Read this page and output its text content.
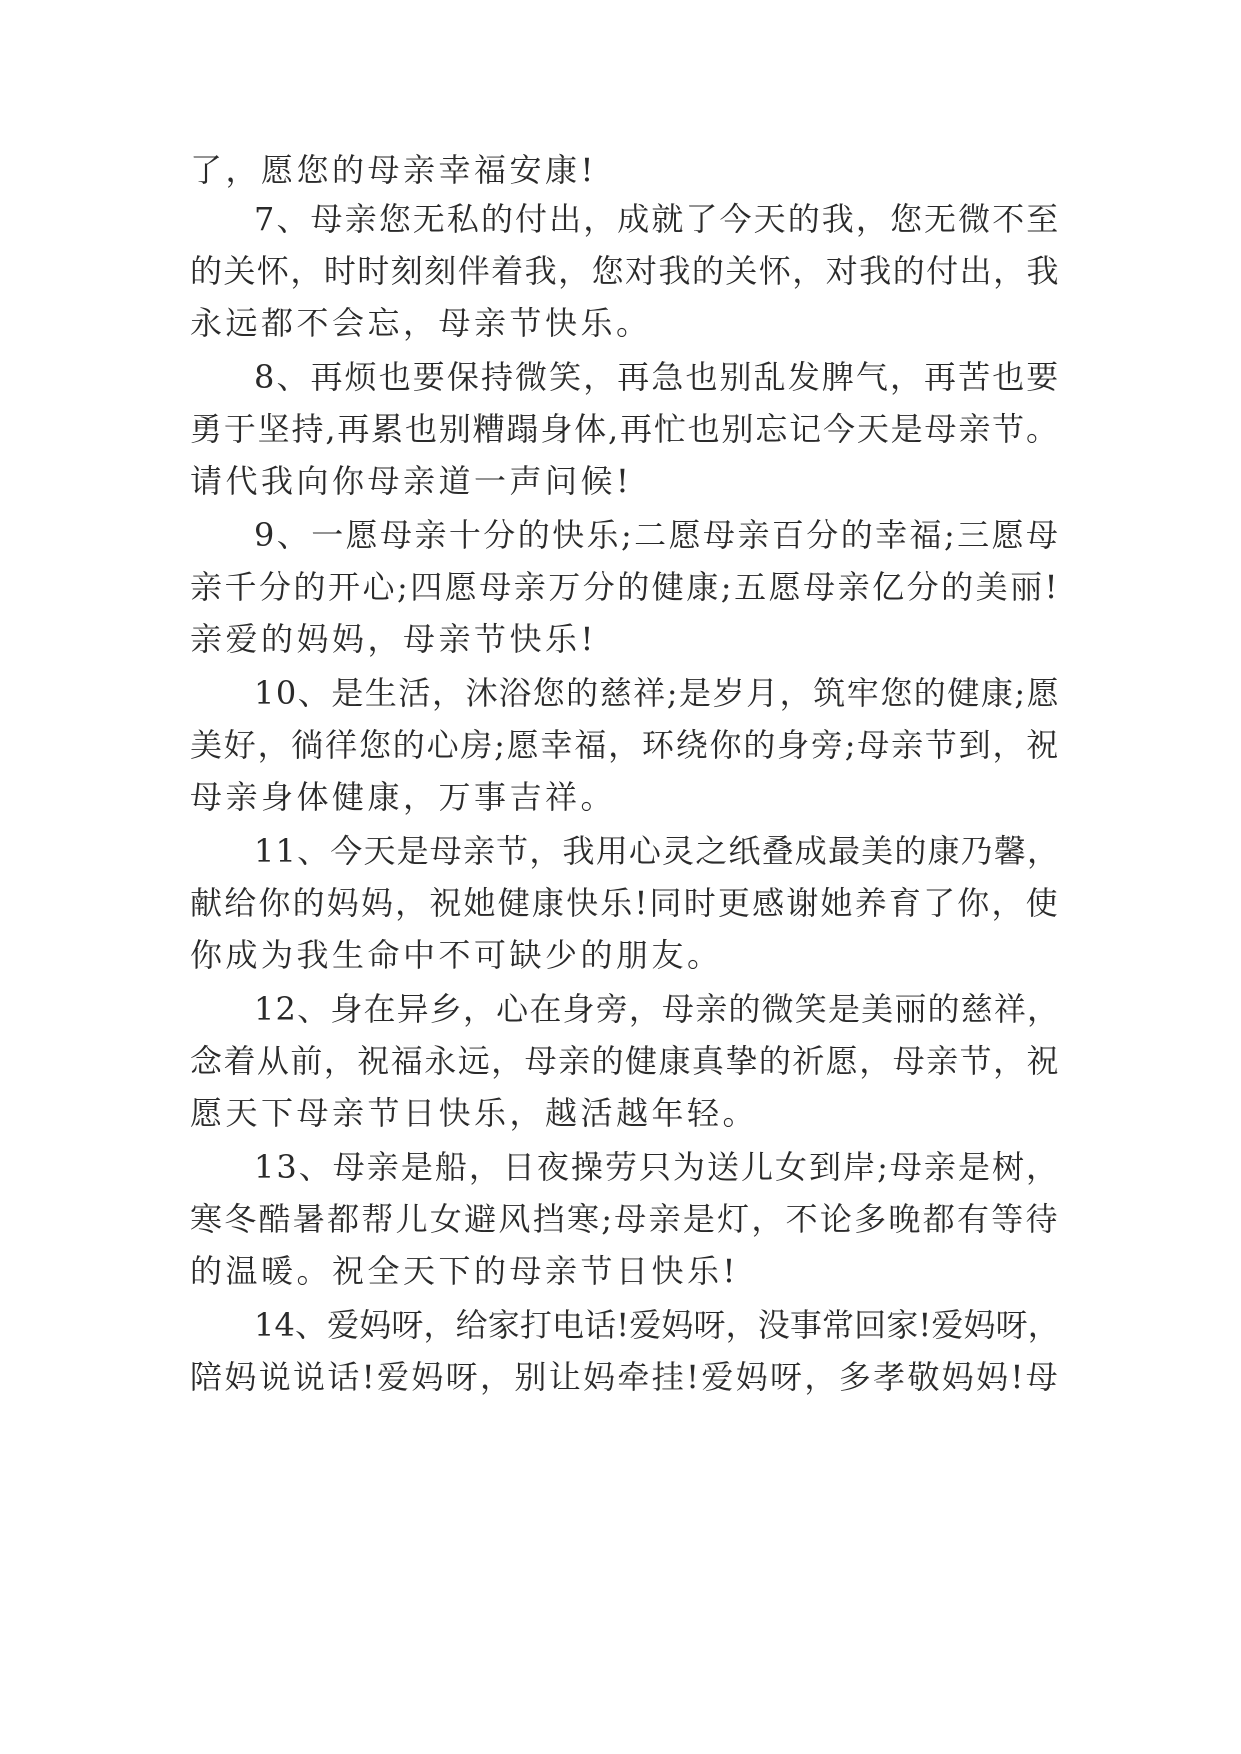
了，愿您的母亲幸福安康!
7、母亲您无私的付出，成就了今天的我，您无微不至
的关怀，时时刻刻伴着我，您对我的关怀，对我的付出，我
永远都不会忘，母亲节快乐。
8、再烦也要保持微笑，再急也别乱发脾气，再苦也要
勇于坚持,再累也别糟蹋身体,再忙也别忘记今天是母亲节。
请代我向你母亲道一声问候!
9、一愿母亲十分的快乐;二愿母亲百分的幸福;三愿母
亲千分的开心;四愿母亲万分的健康;五愿母亲亿分的美丽!
亲爱的妈妈，母亲节快乐!
10、是生活，沐浴您的慈祥;是岁月，筑牢您的健康;愿
美好，徜徉您的心房;愿幸福，环绕你的身旁;母亲节到，祝
母亲身体健康，万事吉祥。
11、今天是母亲节，我用心灵之纸叠成最美的康乃馨，
献给你的妈妈，祝她健康快乐!同时更感谢她养育了你，使
你成为我生命中不可缺少的朋友。
12、身在异乡，心在身旁，母亲的微笑是美丽的慈祥，
念着从前，祝福永远，母亲的健康真挚的祈愿，母亲节，祝
愿天下母亲节日快乐，越活越年轻。
13、母亲是船，日夜操劳只为送儿女到岸;母亲是树，
寒冬酷暑都帮儿女避风挡寒;母亲是灯，不论多晚都有等待
的温暖。祝全天下的母亲节日快乐!
14、爱妈呀，给家打电话!爱妈呀，没事常回家!爱妈呀，
陪妈说说话!爱妈呀，别让妈牵挂!爱妈呀，多孝敬妈妈!母
